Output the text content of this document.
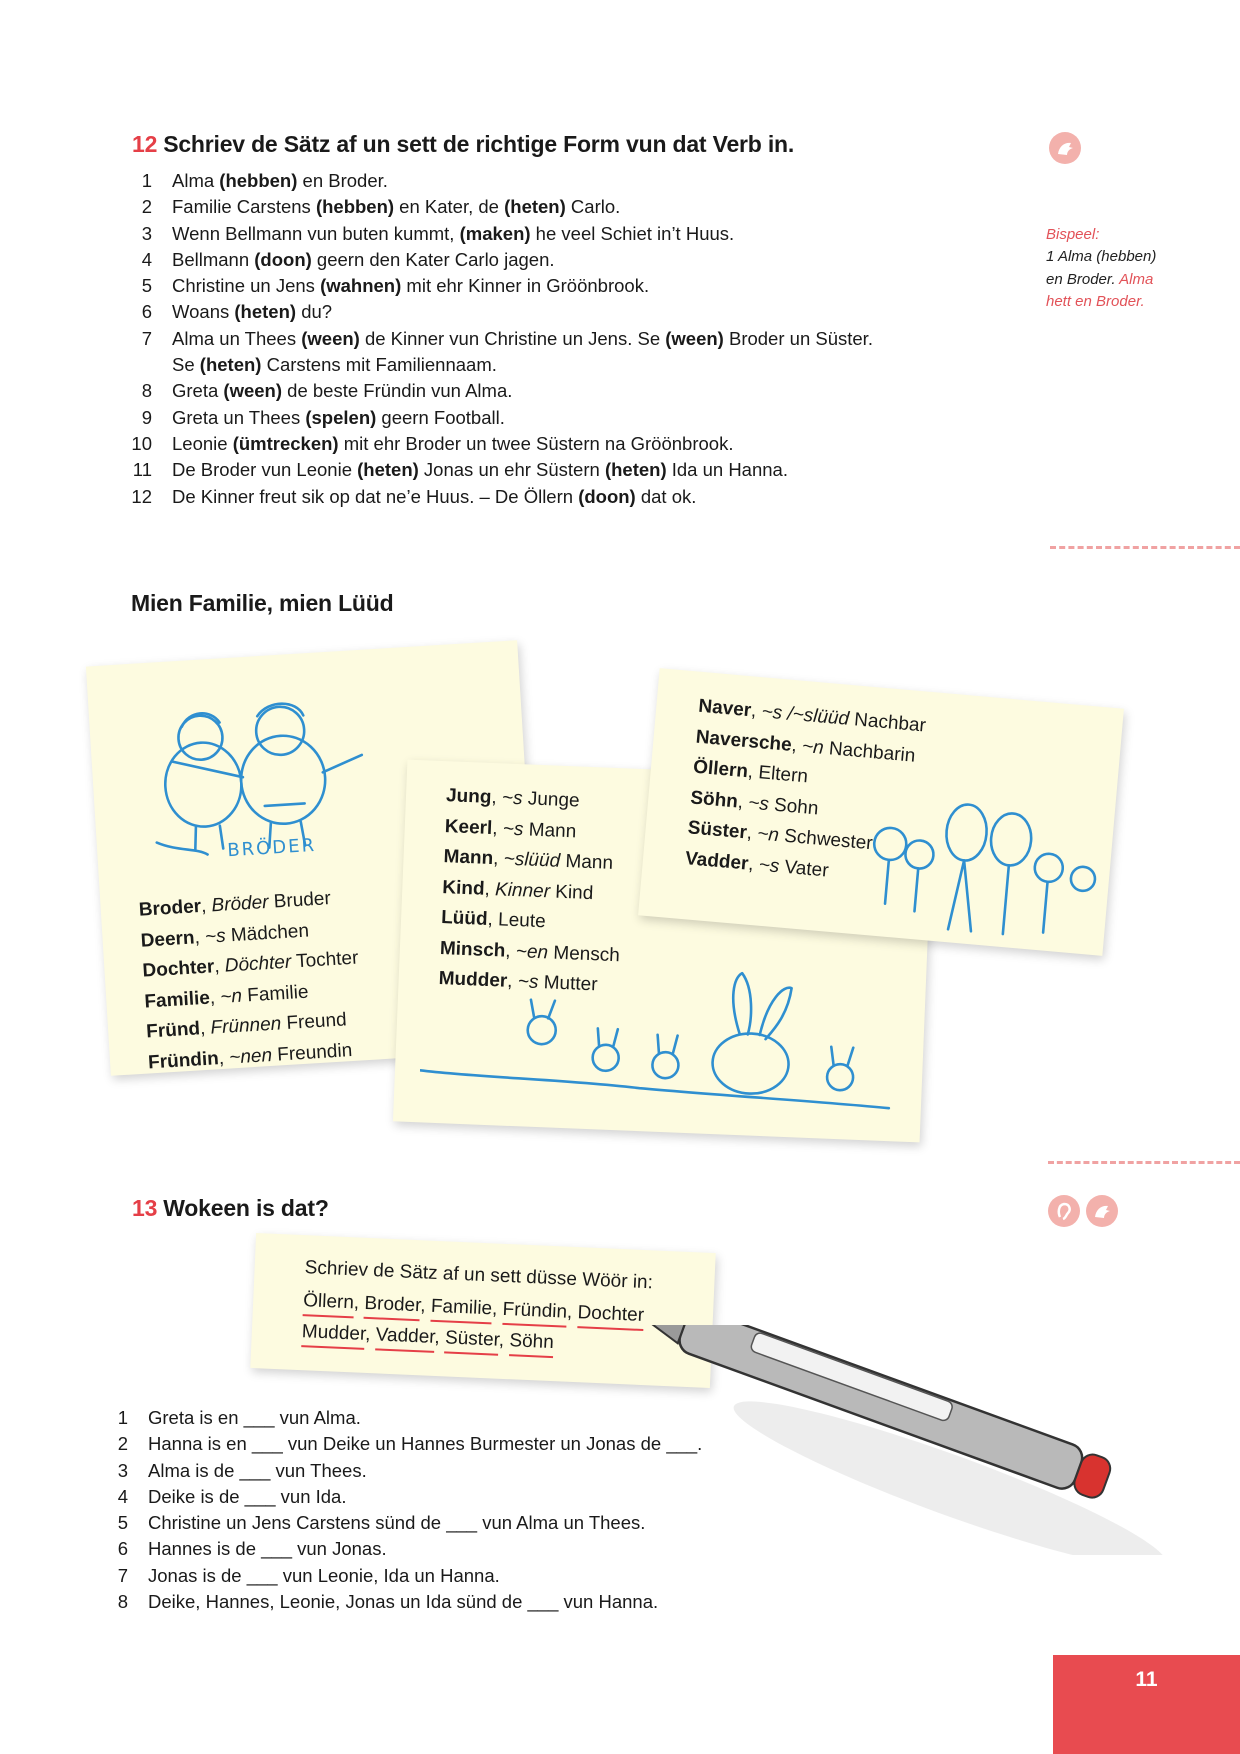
12 Schriev de Sätz af un sett de richtige Form vun dat Verb in.
1	Alma (hebben) en Broder.
2	Familie Carstens (hebben) en Kater, de (heten) Carlo.
3	Wenn Bellmann vun buten kummt, (maken) he veel Schiet in’t Huus.
4	Bellmann (doon) geern den Kater Carlo jagen.
5	Christine un Jens (wahnen) mit ehr Kinner in Gröönbrook.
6	Woans (heten) du?
7	Alma un Thees (ween) de Kinner vun Christine un Jens. Se (ween) Broder un Süster.
Se (heten) Carstens mit Familiennaam.
8	Greta (ween) de beste Fründin vun Alma.
9	Greta un Thees (spelen) geern Football.
10	Leonie (ümtrecken) mit ehr Broder un twee Süstern na Gröönbrook.
11	De Broder vun Leonie (heten) Jonas un ehr Süstern (heten) Ida un Hanna.
12	De Kinner freut sik op dat ne’e Huus. – De Öllern (doon) dat ok.
Bispeel:
1 Alma (hebben)
en Broder. Alma
hett en Broder.
Mien Familie, mien Lüüd
BRÖDER
Broder, Bröder Bruder
Deern, ~s Mädchen
Dochter, Döchter Tochter
Familie, ~n Familie
Fründ, Frünnen Freund
Fründin, ~nen Freundin
Jung, ~s Junge
Keerl, ~s Mann
Mann, ~slüüd Mann
Kind, Kinner Kind
Lüüd, Leute
Minsch, ~en Mensch
Mudder, ~s Mutter
Naver, ~s /~slüüd Nachbar
Naversche, ~n Nachbarin
Öllern, Eltern
Söhn, ~s Sohn
Süster, ~n Schwester
Vadder, ~s Vater
13 Wokeen is dat?
Schriev de Sätz af un sett düsse Wöör in:
Öllern, Broder, Familie, Fründin, Dochter
Mudder, Vadder, Süster, Söhn
1	Greta is en ___ vun Alma.
2	Hanna is en ___ vun Deike un Hannes Burmester un Jonas de ___.
3	Alma is de ___ vun Thees.
4	Deike is de ___ vun Ida.
5	Christine un Jens Carstens sünd de ___ vun Alma un Thees.
6	Hannes is de ___ vun Jonas.
7	Jonas is de ___ vun Leonie, Ida un Hanna.
8	Deike, Hannes, Leonie, Jonas un Ida sünd de ___ vun Hanna.
11
